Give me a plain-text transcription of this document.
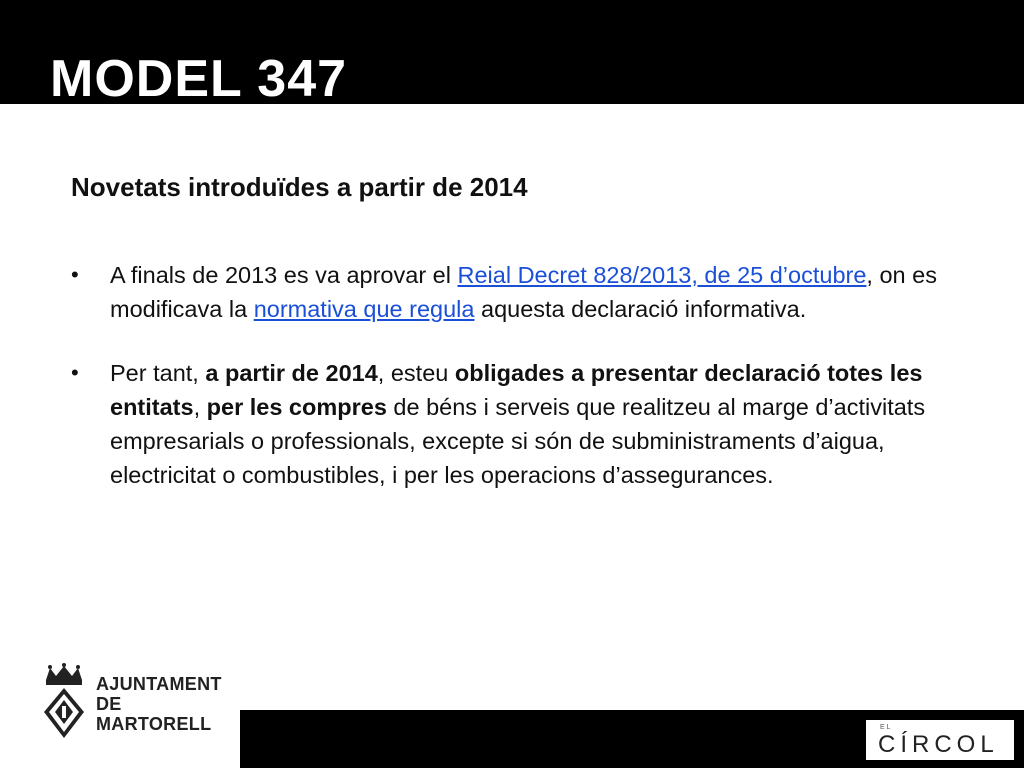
MODEL 347
Novetats introduïdes a partir de 2014
• A finals de 2013 es va aprovar el Reial Decret 828/2013, de 25 d’octubre, on es modificava la normativa que regula aquesta declaració informativa.
• Per tant, a partir de 2014, esteu obligades a presentar declaració totes les entitats, per les compres de béns i serveis que realitzeu al marge d’activitats empresarials o professionals, excepte si són de subministraments d’aigua, electricitat o combustibles, i per les operacions d’assegurances.
AJUNTAMENT
DE MARTORELL	EL
CÍRCOL
